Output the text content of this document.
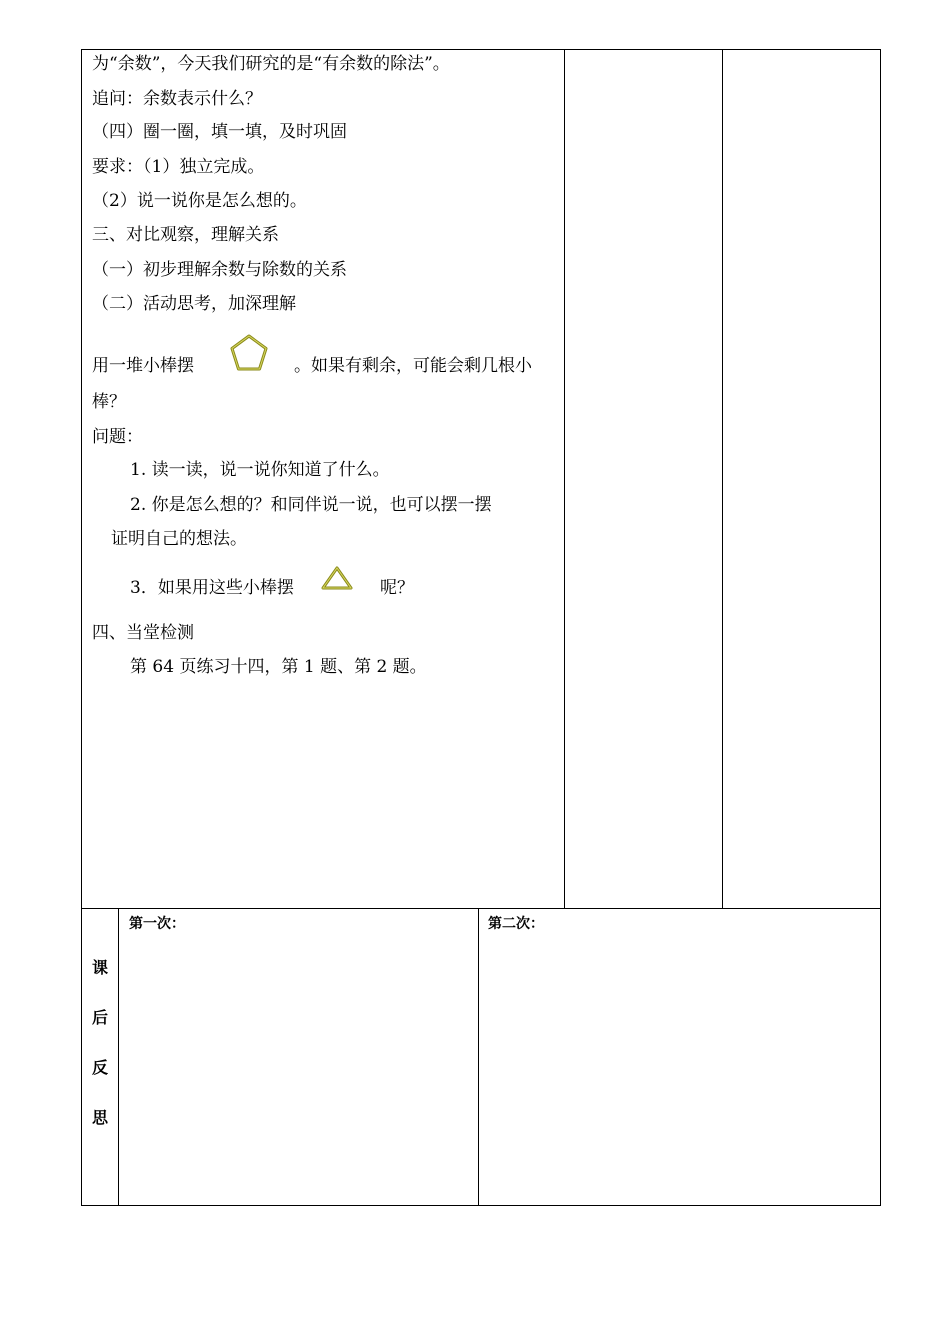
为“余数”，今天我们研究的是“有余数的除法”。
追问：余数表示什么？
（四）圈一圈，填一填，及时巩固
要求：（1）独立完成。
（2）说一说你是怎么想的。
三、对比观察，理解关系
（一）初步理解余数与除数的关系
（二）活动思考，加深理解
用一堆小棒摆	。如果有剩余，可能会剩几根小
棒？
问题：
1. 读一读，说一说你知道了什么。
2. 你是怎么想的？和同伴说一说，也可以摆一摆
证明自己的想法。
3．如果用这些小棒摆	呢？
四、当堂检测
第 64 页练习十四，第 1 题、第 2 题。
课
后
反
思
第一次：	第二次：
